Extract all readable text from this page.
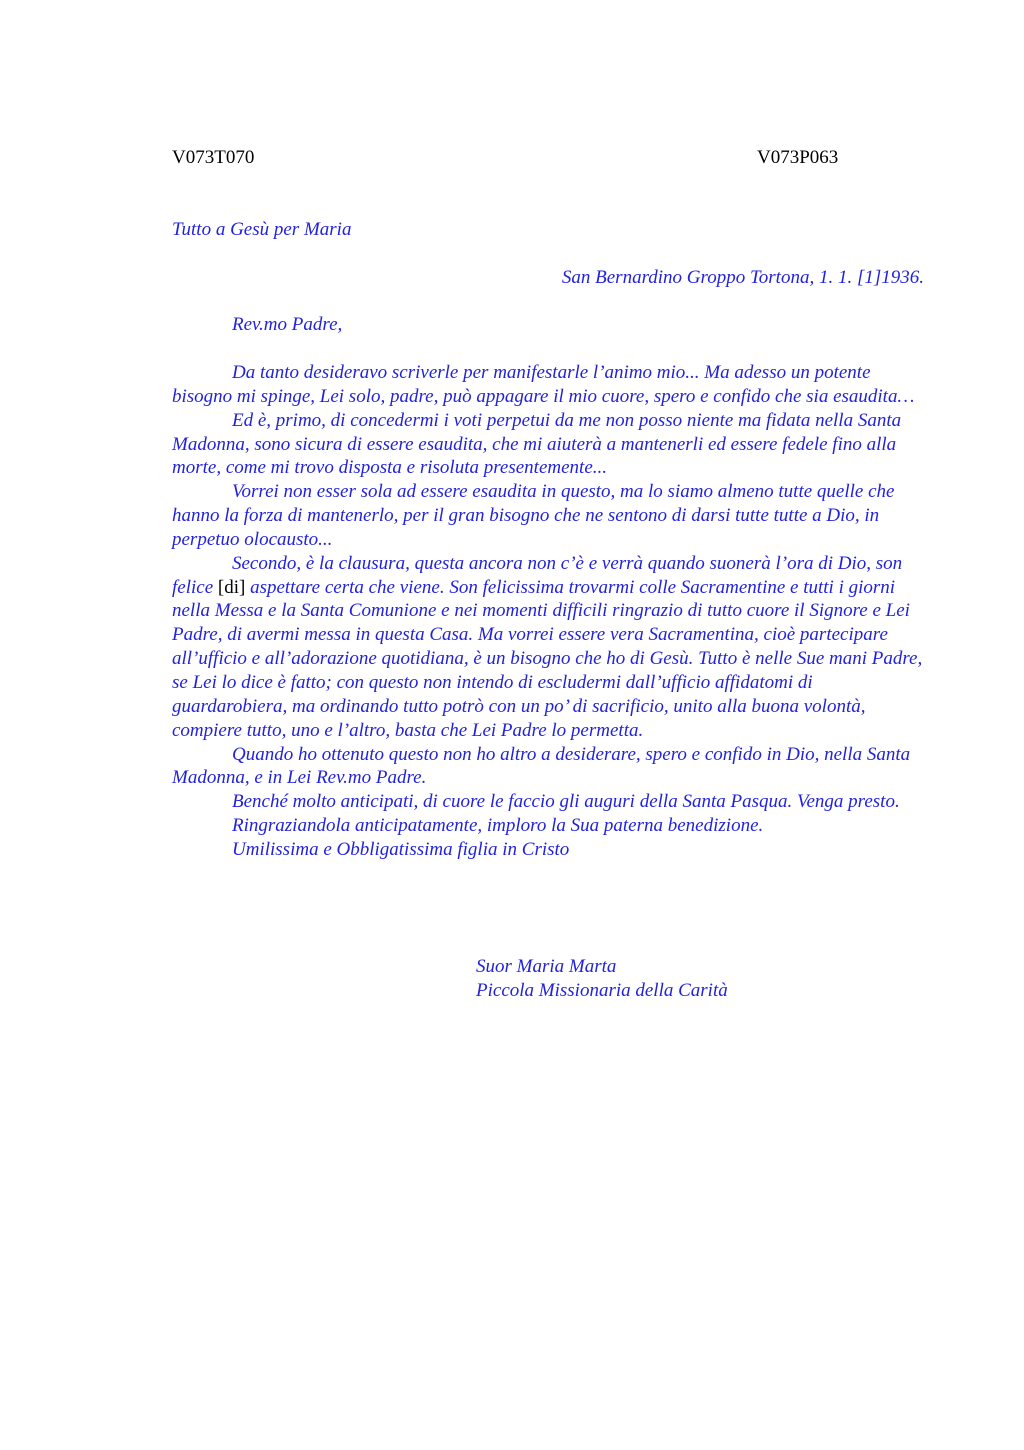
V073T070	V073P063
Tutto a Gesù per Maria
San Bernardino Groppo Tortona, 1. 1. [1]1936.
Rev.mo Padre,

Da tanto desideravo scriverle per manifestarle l’animo mio... Ma adesso un potente bisogno mi spinge, Lei solo, padre, può appagare il mio cuore, spero e confido che sia esaudita…

Ed è, primo, di concedermi i voti perpetui da me non posso niente ma fidata nella Santa Madonna, sono sicura di essere esaudita, che mi aiuterà a mantenerli ed essere fedele fino alla morte, come mi trovo disposta e risoluta presentemente...

Vorrei non esser sola ad essere esaudita in questo, ma lo siamo almeno tutte quelle che hanno la forza di mantenerlo, per il gran bisogno che ne sentono di darsi tutte tutte a Dio, in perpetuo olocausto...

Secondo, è la clausura, questa ancora non c’è e verrà quando suonerà l’ora di Dio, son felice [di] aspettare certa che viene. Son felicissima trovarmi colle Sacramentine e tutti i giorni nella Messa e la Santa Comunione e nei momenti difficili ringrazio di tutto cuore il Signore e Lei Padre, di avermi messa in questa Casa. Ma vorrei essere vera Sacramentina, cioè partecipare all’ufficio e all’adorazione quotidiana, è un bisogno che ho di Gesù. Tutto è nelle Sue mani Padre, se Lei lo dice è fatto; con questo non intendo di escludermi dall’ufficio affidatomi di guardarobiera, ma ordinando tutto potrò con un po’ di sacrificio, unito alla buona volontà, compiere tutto, uno e l’altro, basta che Lei Padre lo permetta.

Quando ho ottenuto questo non ho altro a desiderare, spero e confido in Dio, nella Santa Madonna, e in Lei Rev.mo Padre.

Benché molto anticipati, di cuore le faccio gli auguri della Santa Pasqua. Venga presto.

Ringraziandola anticipatamente, imploro la Sua paterna benedizione.

Umilissima e Obbligatissima figlia in Cristo

Suor Maria Marta
Piccola Missionaria della Carità
